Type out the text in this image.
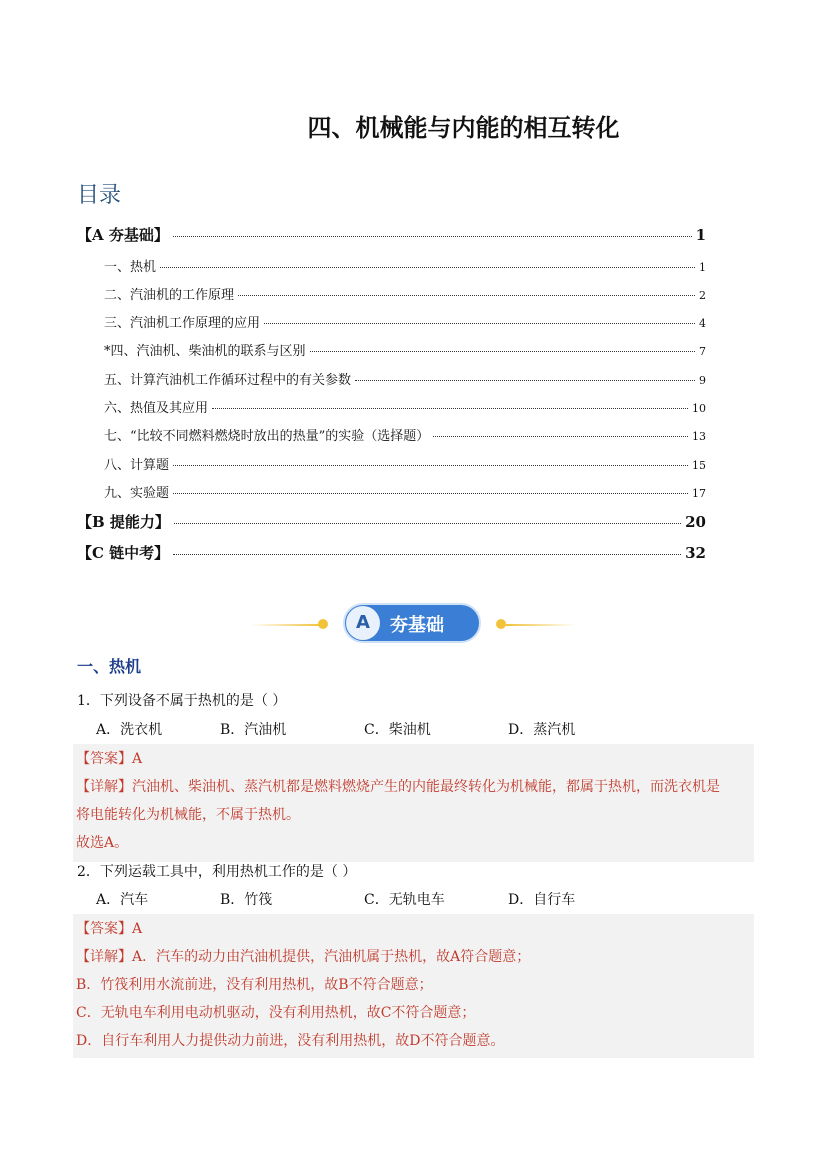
四、机械能与内能的相互转化
目录
【A 夯基础】	1
一、热机	1
二、汽油机的工作原理	2
三、汽油机工作原理的应用	4
*四、汽油机、柴油机的联系与区别	7
五、计算汽油机工作循环过程中的有关参数	9
六、热值及其应用	10
七、“比较不同燃料燃烧时放出的热量”的实验（选择题）	13
八、计算题	15
九、实验题	17
【B 提能力】	20
【C 链中考】	32
A	夯基础
一、热机
1．下列设备不属于热机的是（ ）
A．洗衣机	B．汽油机	C．柴油机	D．蒸汽机
【答案】A
【详解】汽油机、柴油机、蒸汽机都是燃料燃烧产生的内能最终转化为机械能，都属于热机，而洗衣机是
将电能转化为机械能，不属于热机。
故选A。
2．下列运载工具中，利用热机工作的是（ ）
A．汽车	B．竹筏	C．无轨电车	D．自行车
【答案】A
【详解】A．汽车的动力由汽油机提供，汽油机属于热机，故A符合题意；
B．竹筏利用水流前进，没有利用热机，故B不符合题意；
C．无轨电车利用电动机驱动，没有利用热机，故C不符合题意；
D．自行车利用人力提供动力前进，没有利用热机，故D不符合题意。
